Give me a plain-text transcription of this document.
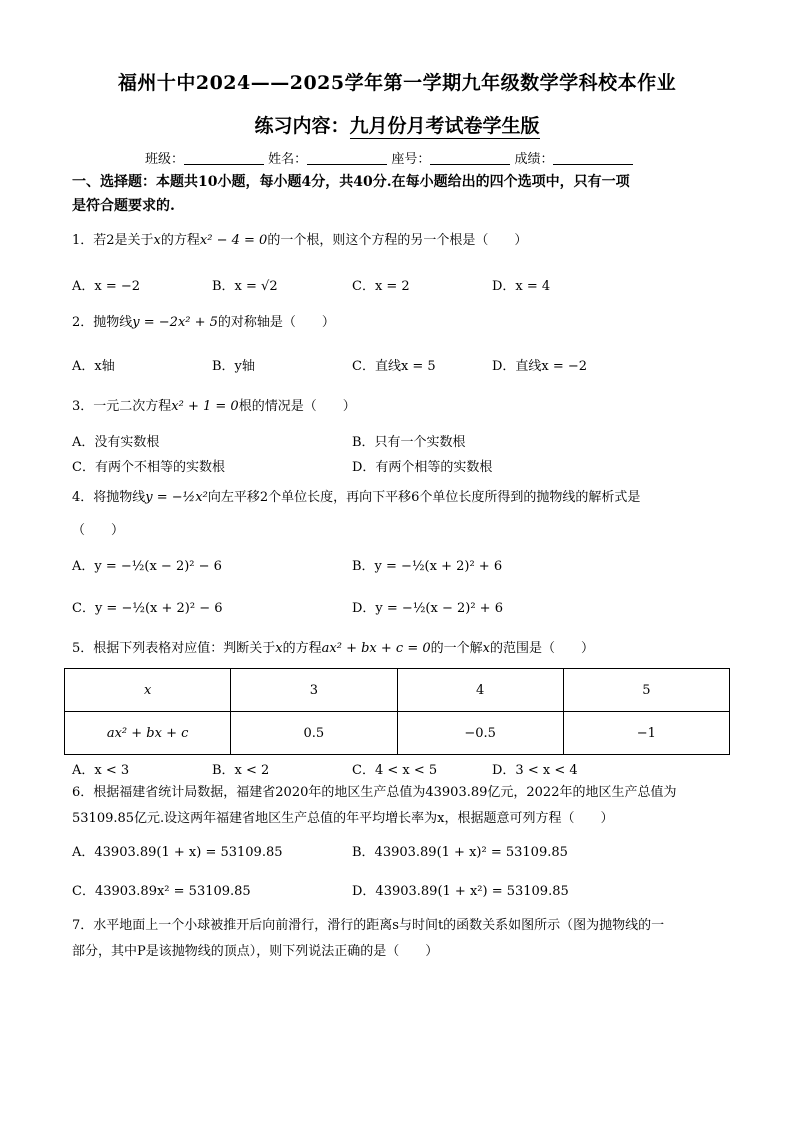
福州十中2024——2025学年第一学期九年级数学学科校本作业
练习内容：九月份月考试卷学生版
班级：	姓名：	座号：	成绩：
一、选择题：本题共10小题，每小题4分，共40分.在每小题给出的四个选项中，只有一项
是符合题要求的.
1．若2是关于x的方程x² − 4 = 0的一个根，则这个方程的另一个根是（　　）
A．x = −2	B．x = √2	C．x = 2	D．x = 4
2．抛物线y = −2x² + 5的对称轴是（　　）
A．x轴	B．y轴	C．直线x = 5	D．直线x = −2
3．一元二次方程x² + 1 = 0根的情况是（　　）
A．没有实数根	B．只有一个实数根
C．有两个不相等的实数根	D．有两个相等的实数根
4．将抛物线y = −½x²向左平移2个单位长度，再向下平移6个单位长度所得到的抛物线的解析式是
（　　）
A．y = −½(x − 2)² − 6	B．y = −½(x + 2)² + 6
C．y = −½(x + 2)² − 6	D．y = −½(x − 2)² + 6
5．根据下列表格对应值：判断关于x的方程ax² + bx + c = 0的一个解x的范围是（　　）
x	3	4	5
ax² + bx + c	0.5	−0.5	−1
A．x < 3	B．x < 2	C．4 < x < 5	D．3 < x < 4
6．根据福建省统计局数据，福建省2020年的地区生产总值为43903.89亿元，2022年的地区生产总值为
53109.85亿元.设这两年福建省地区生产总值的年平均增长率为x，根据题意可列方程（　　）
A．43903.89(1 + x) = 53109.85	B．43903.89(1 + x)² = 53109.85
C．43903.89x² = 53109.85	D．43903.89(1 + x²) = 53109.85
7．水平地面上一个小球被推开后向前滑行，滑行的距离s与时间t的函数关系如图所示（图为抛物线的一
部分，其中P是该抛物线的顶点），则下列说法正确的是（　　）
